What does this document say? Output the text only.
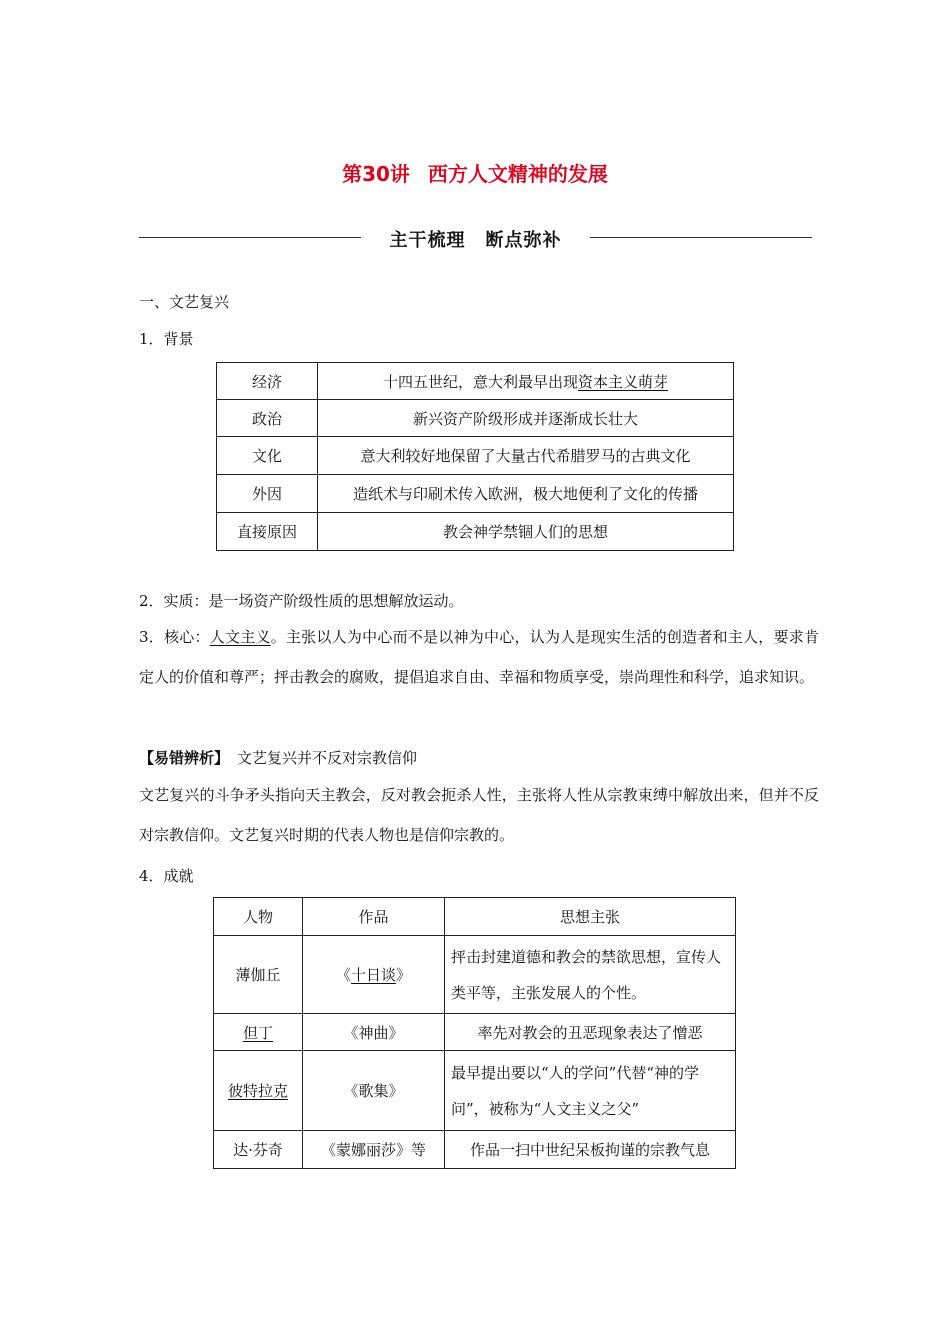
第30讲 西方人文精神的发展
主干梳理 断点弥补
一、文艺复兴
1．背景
经济	十四五世纪，意大利最早出现资本主义萌芽
政治	新兴资产阶级形成并逐渐成长壮大
文化	意大利较好地保留了大量古代希腊罗马的古典文化
外因	造纸术与印刷术传入欧洲，极大地便利了文化的传播
直接原因	教会神学禁锢人们的思想
2．实质：是一场资产阶级性质的思想解放运动。
3．核心：人文主义。主张以人为中心而不是以神为中心，认为人是现实生活的创造者和主人，要求肯定人的价值和尊严；抨击教会的腐败，提倡追求自由、幸福和物质享受，崇尚理性和科学，追求知识。
【易错辨析】 文艺复兴并不反对宗教信仰
文艺复兴的斗争矛头指向天主教会，反对教会扼杀人性，主张将人性从宗教束缚中解放出来，但并不反对宗教信仰。文艺复兴时期的代表人物也是信仰宗教的。
4．成就
人物	作品	思想主张
薄伽丘	《十日谈》	抨击封建道德和教会的禁欲思想，宣传人类平等，主张发展人的个性。
但丁	《神曲》	率先对教会的丑恶现象表达了憎恶
彼特拉克	《歌集》	最早提出要以“人的学问”代替“神的学问”，被称为“人文主义之父”
达·芬奇	《蒙娜丽莎》等	作品一扫中世纪呆板拘谨的宗教气息
